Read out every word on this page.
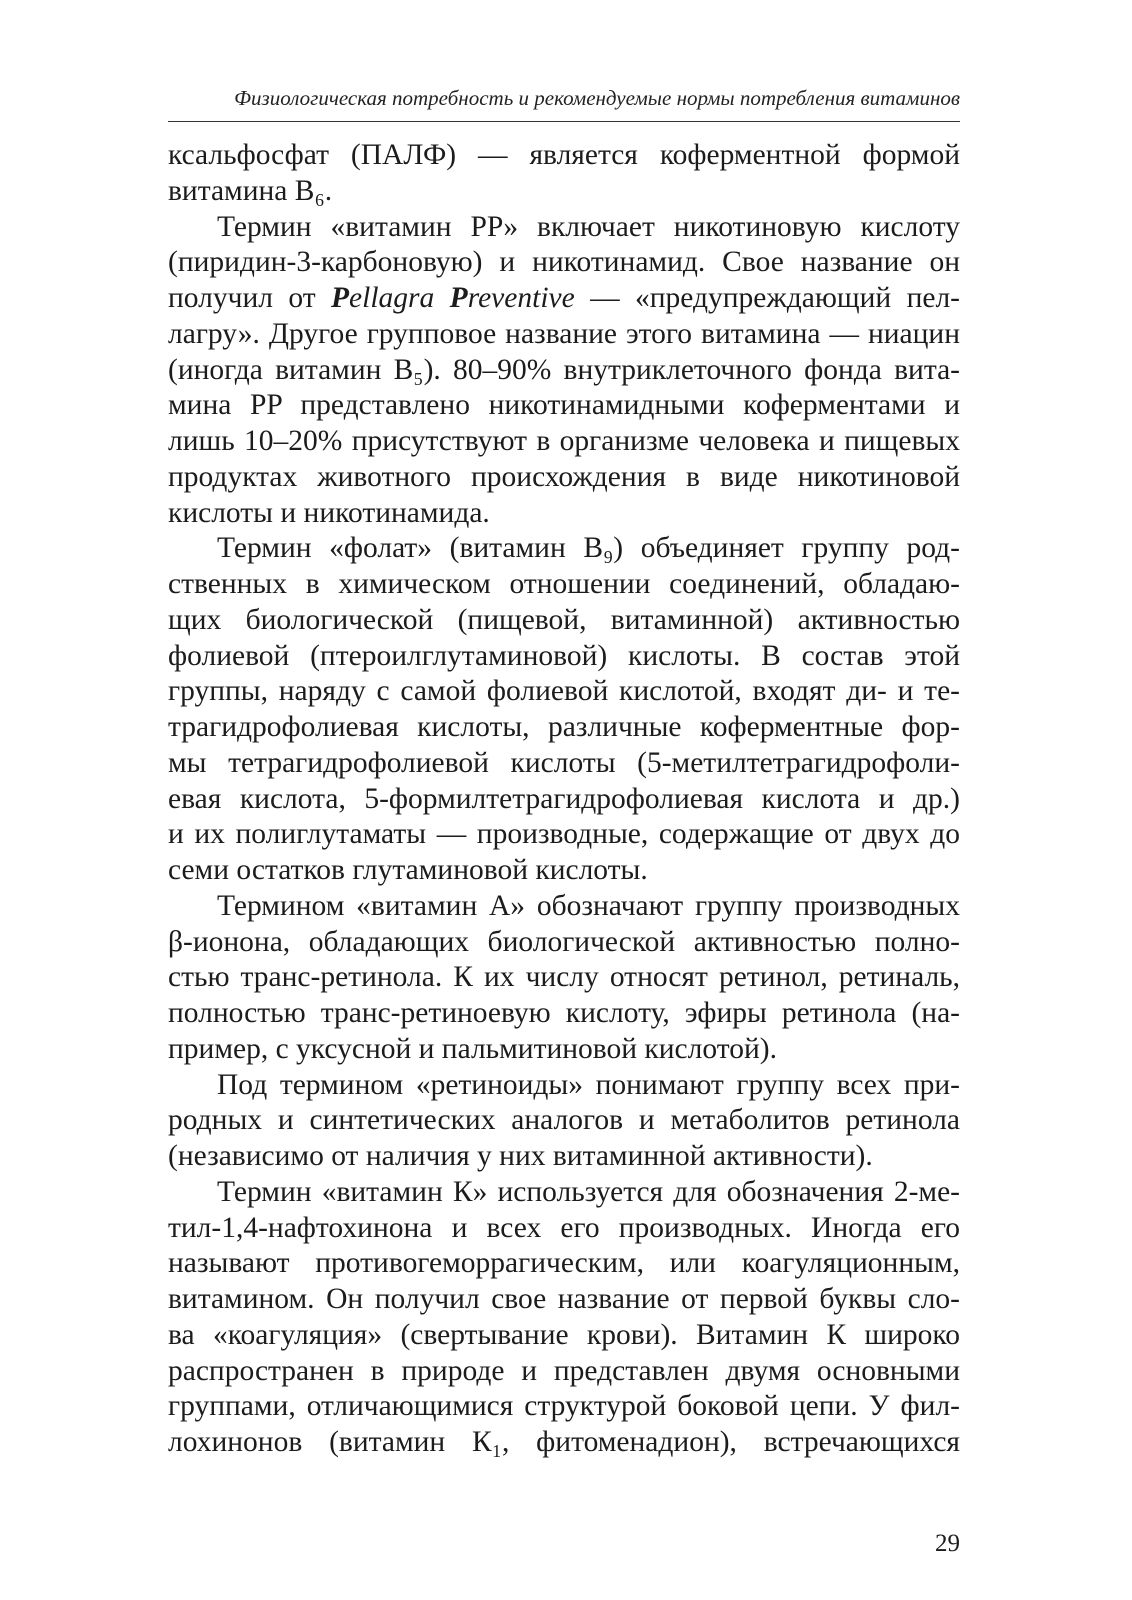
Физиологическая потребность и рекомендуемые нормы потребления витаминов
ксальфосфат (ПАЛФ) — является коферментной формой
витамина B₆.
Термин «витамин PP» включает никотиновую кислоту
(пиридин-3-карбоновую) и никотинамид. Свое название он
получил от Pellagra Preventive — «предупреждающий пел-
лагру». Другое групповое название этого витамина — ниацин
(иногда витамин B₅). 80–90% внутриклеточного фонда вита-
мина PP представлено никотинамидными коферментами и
лишь 10–20% присутствуют в организме человека и пищевых
продуктах животного происхождения в виде никотиновой
кислоты и никотинамида.
Термин «фолат» (витамин B₉) объединяет группу род-
ственных в химическом отношении соединений, обладаю-
щих биологической (пищевой, витаминной) активностью
фолиевой (птероилглутаминовой) кислоты. В состав этой
группы, наряду с самой фолиевой кислотой, входят ди- и те-
трагидрофолиевая кислоты, различные коферментные фор-
мы тетрагидрофолиевой кислоты (5-метилтетрагидрофоли-
евая кислота, 5-формилтетрагидрофолиевая кислота и др.)
и их полиглутаматы — производные, содержащие от двух до
семи остатков глутаминовой кислоты.
Термином «витамин А» обозначают группу производных
β-ионона, обладающих биологической активностью полно-
стью транс-ретинола. К их числу относят ретинол, ретиналь,
полностью транс-ретиноевую кислоту, эфиры ретинола (на-
пример, с уксусной и пальмитиновой кислотой).
Под термином «ретиноиды» понимают группу всех при-
родных и синтетических аналогов и метаболитов ретинола
(независимо от наличия у них витаминной активности).
Термин «витамин К» используется для обозначения 2-ме-
тил-1,4-нафтохинона и всех его производных. Иногда его
называют противогеморрагическим, или коагуляционным,
витамином. Он получил свое название от первой буквы сло-
ва «коагуляция» (свертывание крови). Витамин К широко
распространен в природе и представлен двумя основными
группами, отличающимися структурой боковой цепи. У фил-
лохинонов (витамин К₁, фитоменадион), встречающихся
29
